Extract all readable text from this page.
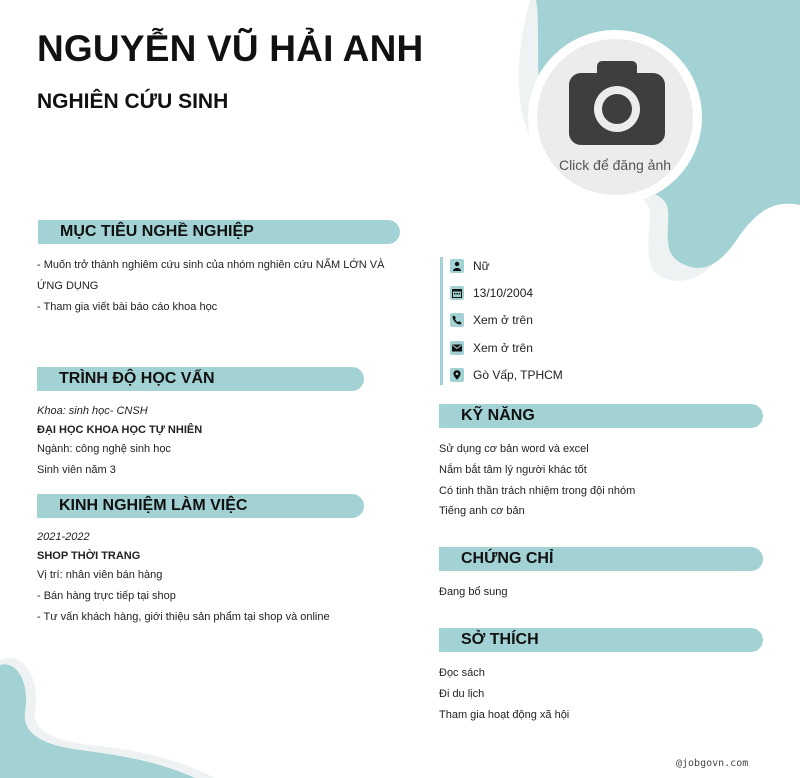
NGUYỄN VŨ HẢI ANH
NGHIÊN CỨU SINH
Click để đăng ảnh
MỤC TIÊU NGHỀ NGHIỆP
- Muốn trở thành nghiêm cứu sinh của nhóm nghiên cứu NẤM LỚN VÀ
ỨNG DỤNG
- Tham gia viết bài báo cáo khoa học
TRÌNH ĐỘ HỌC VẤN
Khoa: sinh học- CNSH
ĐẠI HỌC KHOA HỌC TỰ NHIÊN
Ngành: công nghệ sinh học
Sinh viên năm 3
KINH NGHIỆM LÀM VIỆC
2021-2022
SHOP THỜI TRANG
Vị trí: nhân viên bán hàng
- Bán hàng trực tiếp tại shop
- Tư vấn khách hàng, giới thiệu sản phẩm tại shop và online
Nữ
13/10/2004
Xem ở trên
Xem ở trên
Gò Vấp, TPHCM
KỸ NĂNG
Sử dụng cơ bản word và excel
Nắm bắt tâm lý người khác tốt
Có tinh thần trách nhiệm trong đội nhóm
Tiếng anh cơ bản
CHỨNG CHỈ
Đang bổ sung
SỞ THÍCH
Đọc sách
Đi du lịch
Tham gia hoạt động xã hội
@jobgovn.com
